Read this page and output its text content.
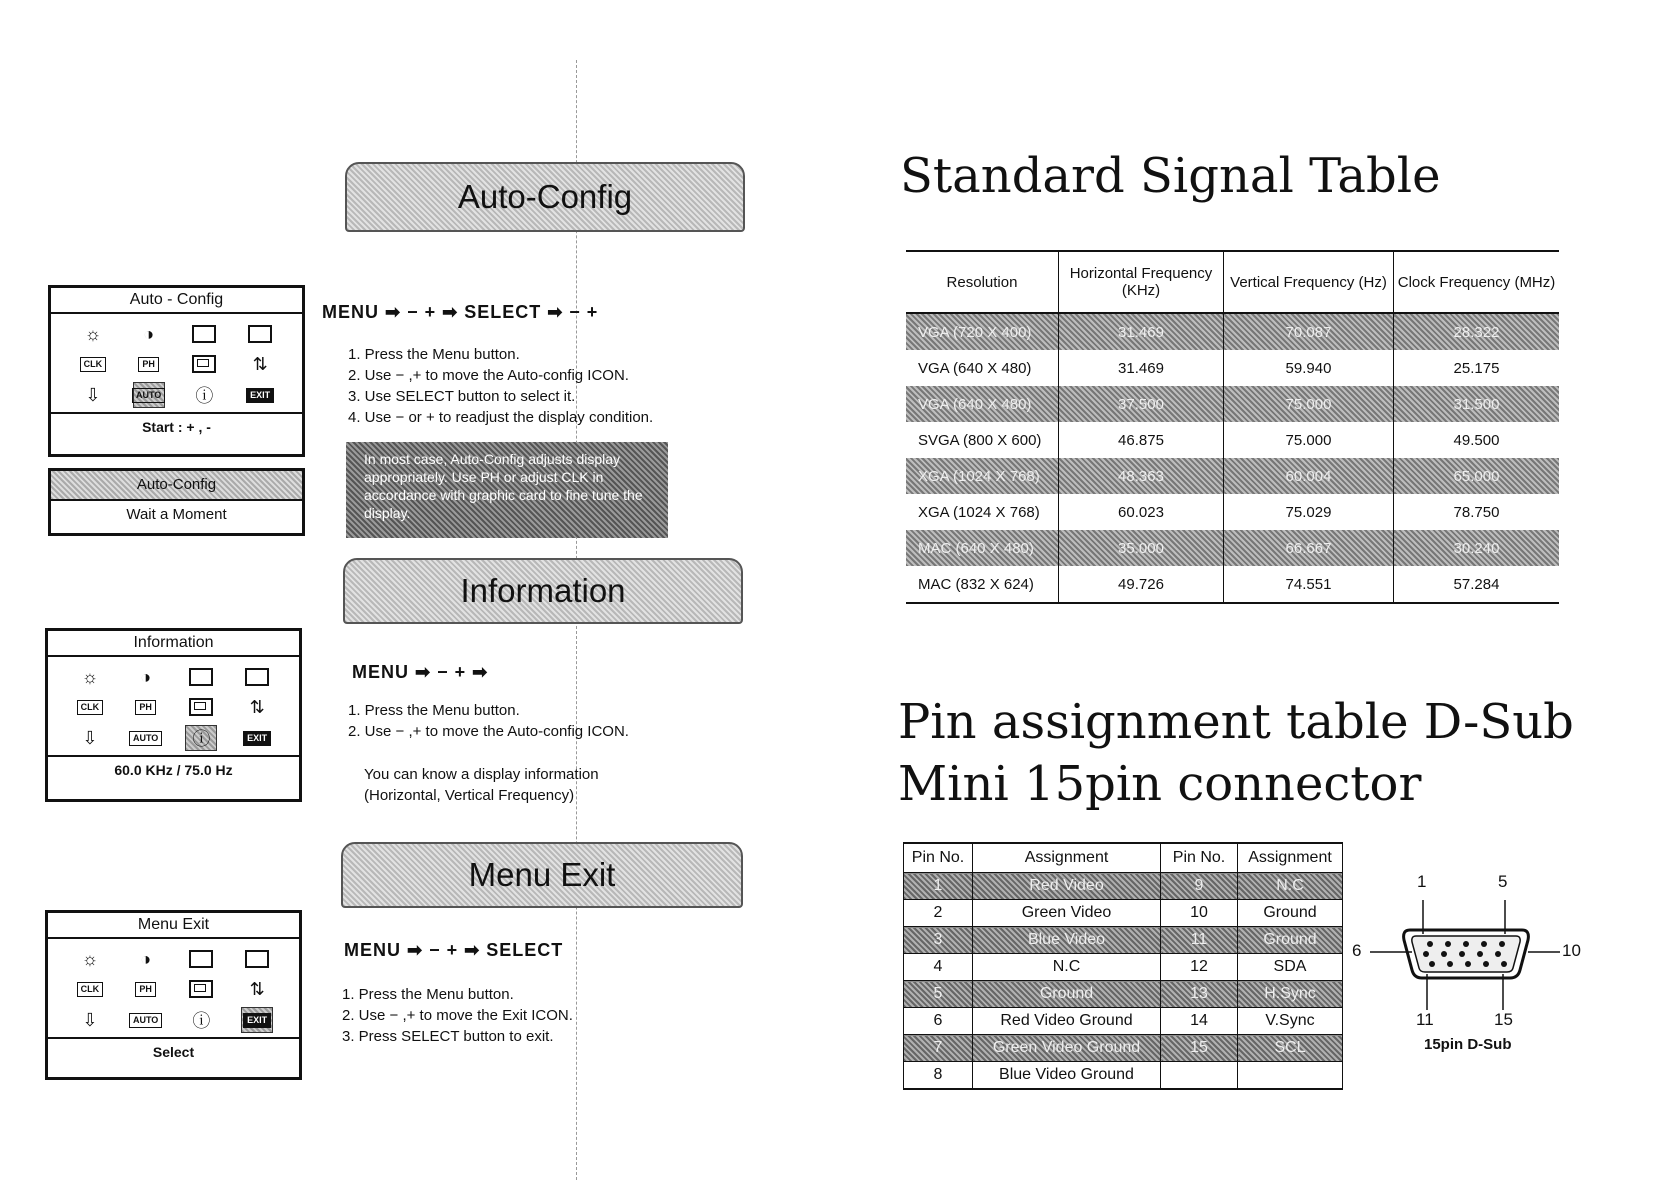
Auto - Config
☼	◑
CLK	PH	⇅
⇩	AUTO	ⓘ	EXIT
Start : + , -
Auto-Config
Wait a Moment
Information
☼	◑
CLK	PH	⇅
⇩	AUTO	ⓘ	EXIT
60.0 KHz / 75.0 Hz
Menu Exit
☼	◑
CLK	PH	⇅
⇩	AUTO	ⓘ	EXIT
Select
Auto-Config
MENU ➡ − + ➡ SELECT ➡ − +
1. Press the Menu button.
2. Use − ,+ to move the Auto-config ICON.
3. Use SELECT button to select it.
4. Use − or + to readjust the display condition.
In most case, Auto-Config adjusts display appropriately. Use PH or adjust CLK in accordance with graphic card to fine tune the display.
Information
MENU ➡ − + ➡
1. Press the Menu button.
2. Use − ,+ to move the Auto-config ICON.
You can know a display information
(Horizontal, Vertical Frequency)
Menu Exit
MENU ➡ − + ➡ SELECT
1. Press the Menu button.
2. Use − ,+ to move the Exit ICON.
3. Press SELECT button to exit.
Standard Signal Table
Resolution	Horizontal Frequency (KHz)	Vertical Frequency (Hz)	Clock Frequency (MHz)
VGA (720 X 400)	31.469	70.087	28.322
VGA (640 X 480)	31.469	59.940	25.175
VGA (640 X 480)	37.500	75.000	31.500
SVGA (800 X 600)	46.875	75.000	49.500
XGA (1024 X 768)	48.363	60.004	65.000
XGA (1024 X 768)	60.023	75.029	78.750
MAC (640 X 480)	35.000	66.667	30.240
MAC (832 X 624)	49.726	74.551	57.284
Pin assignment table D-Sub
Mini 15pin connector
Pin No.	Assignment	Pin No.	Assignment
1	Red Video	9	N.C
2	Green Video	10	Ground
3	Blue Video	11	Ground
4	N.C	12	SDA
5	Ground	13	H.Sync
6	Red Video Ground	14	V.Sync
7	Green Video Ground	15	SCL
8	Blue Video Ground		
1	5
6	10
11	15
15pin D-Sub
